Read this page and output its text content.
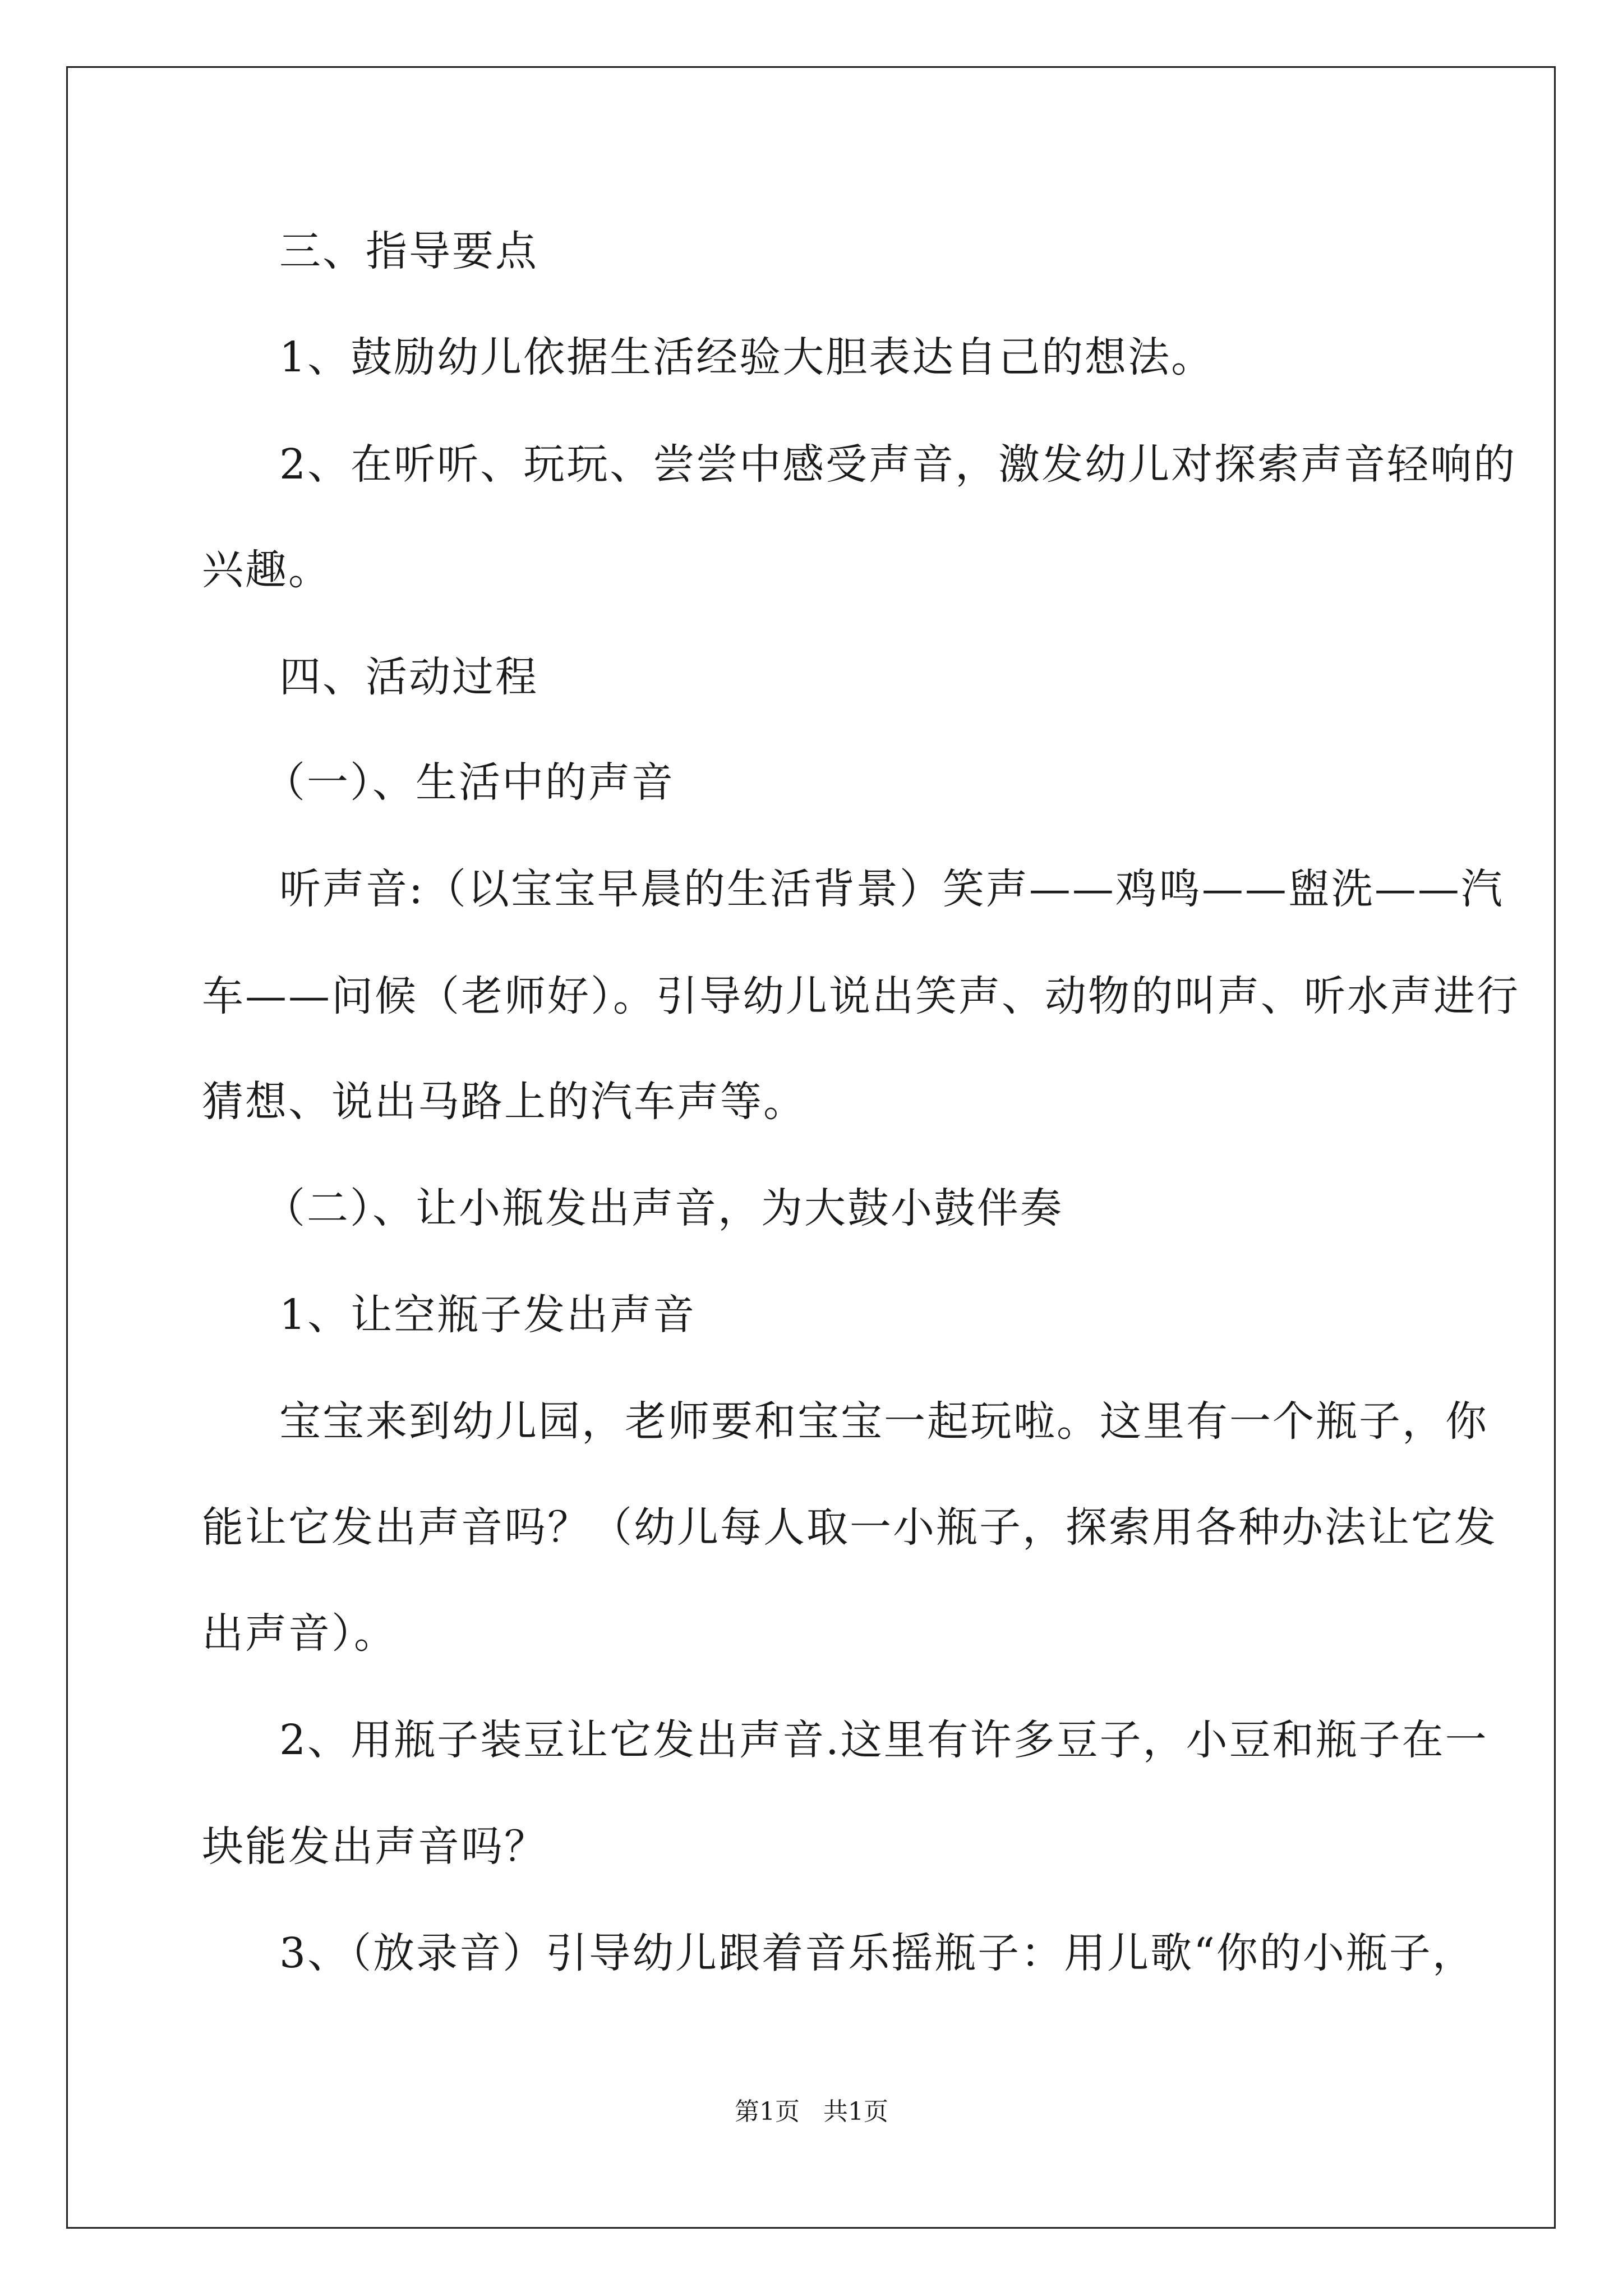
三、指导要点
1、鼓励幼儿依据生活经验大胆表达自己的想法。
2、在听听、玩玩、尝尝中感受声音，激发幼儿对探索声音轻响的
兴趣。
四、活动过程
（一）、生活中的声音
听声音:（以宝宝早晨的生活背景）笑声——鸡鸣——盥洗——汽
车——问候（老师好）。引导幼儿说出笑声、动物的叫声、听水声进行
猜想、说出马路上的汽车声等。
（二）、让小瓶发出声音，为大鼓小鼓伴奏
1、让空瓶子发出声音
宝宝来到幼儿园，老师要和宝宝一起玩啦。这里有一个瓶子，你
能让它发出声音吗？（幼儿每人取一小瓶子，探索用各种办法让它发
出声音）。
2、用瓶子装豆让它发出声音.这里有许多豆子，小豆和瓶子在一
块能发出声音吗？
3、（放录音）引导幼儿跟着音乐摇瓶子：用儿歌“你的小瓶子，
第1页   共1页
